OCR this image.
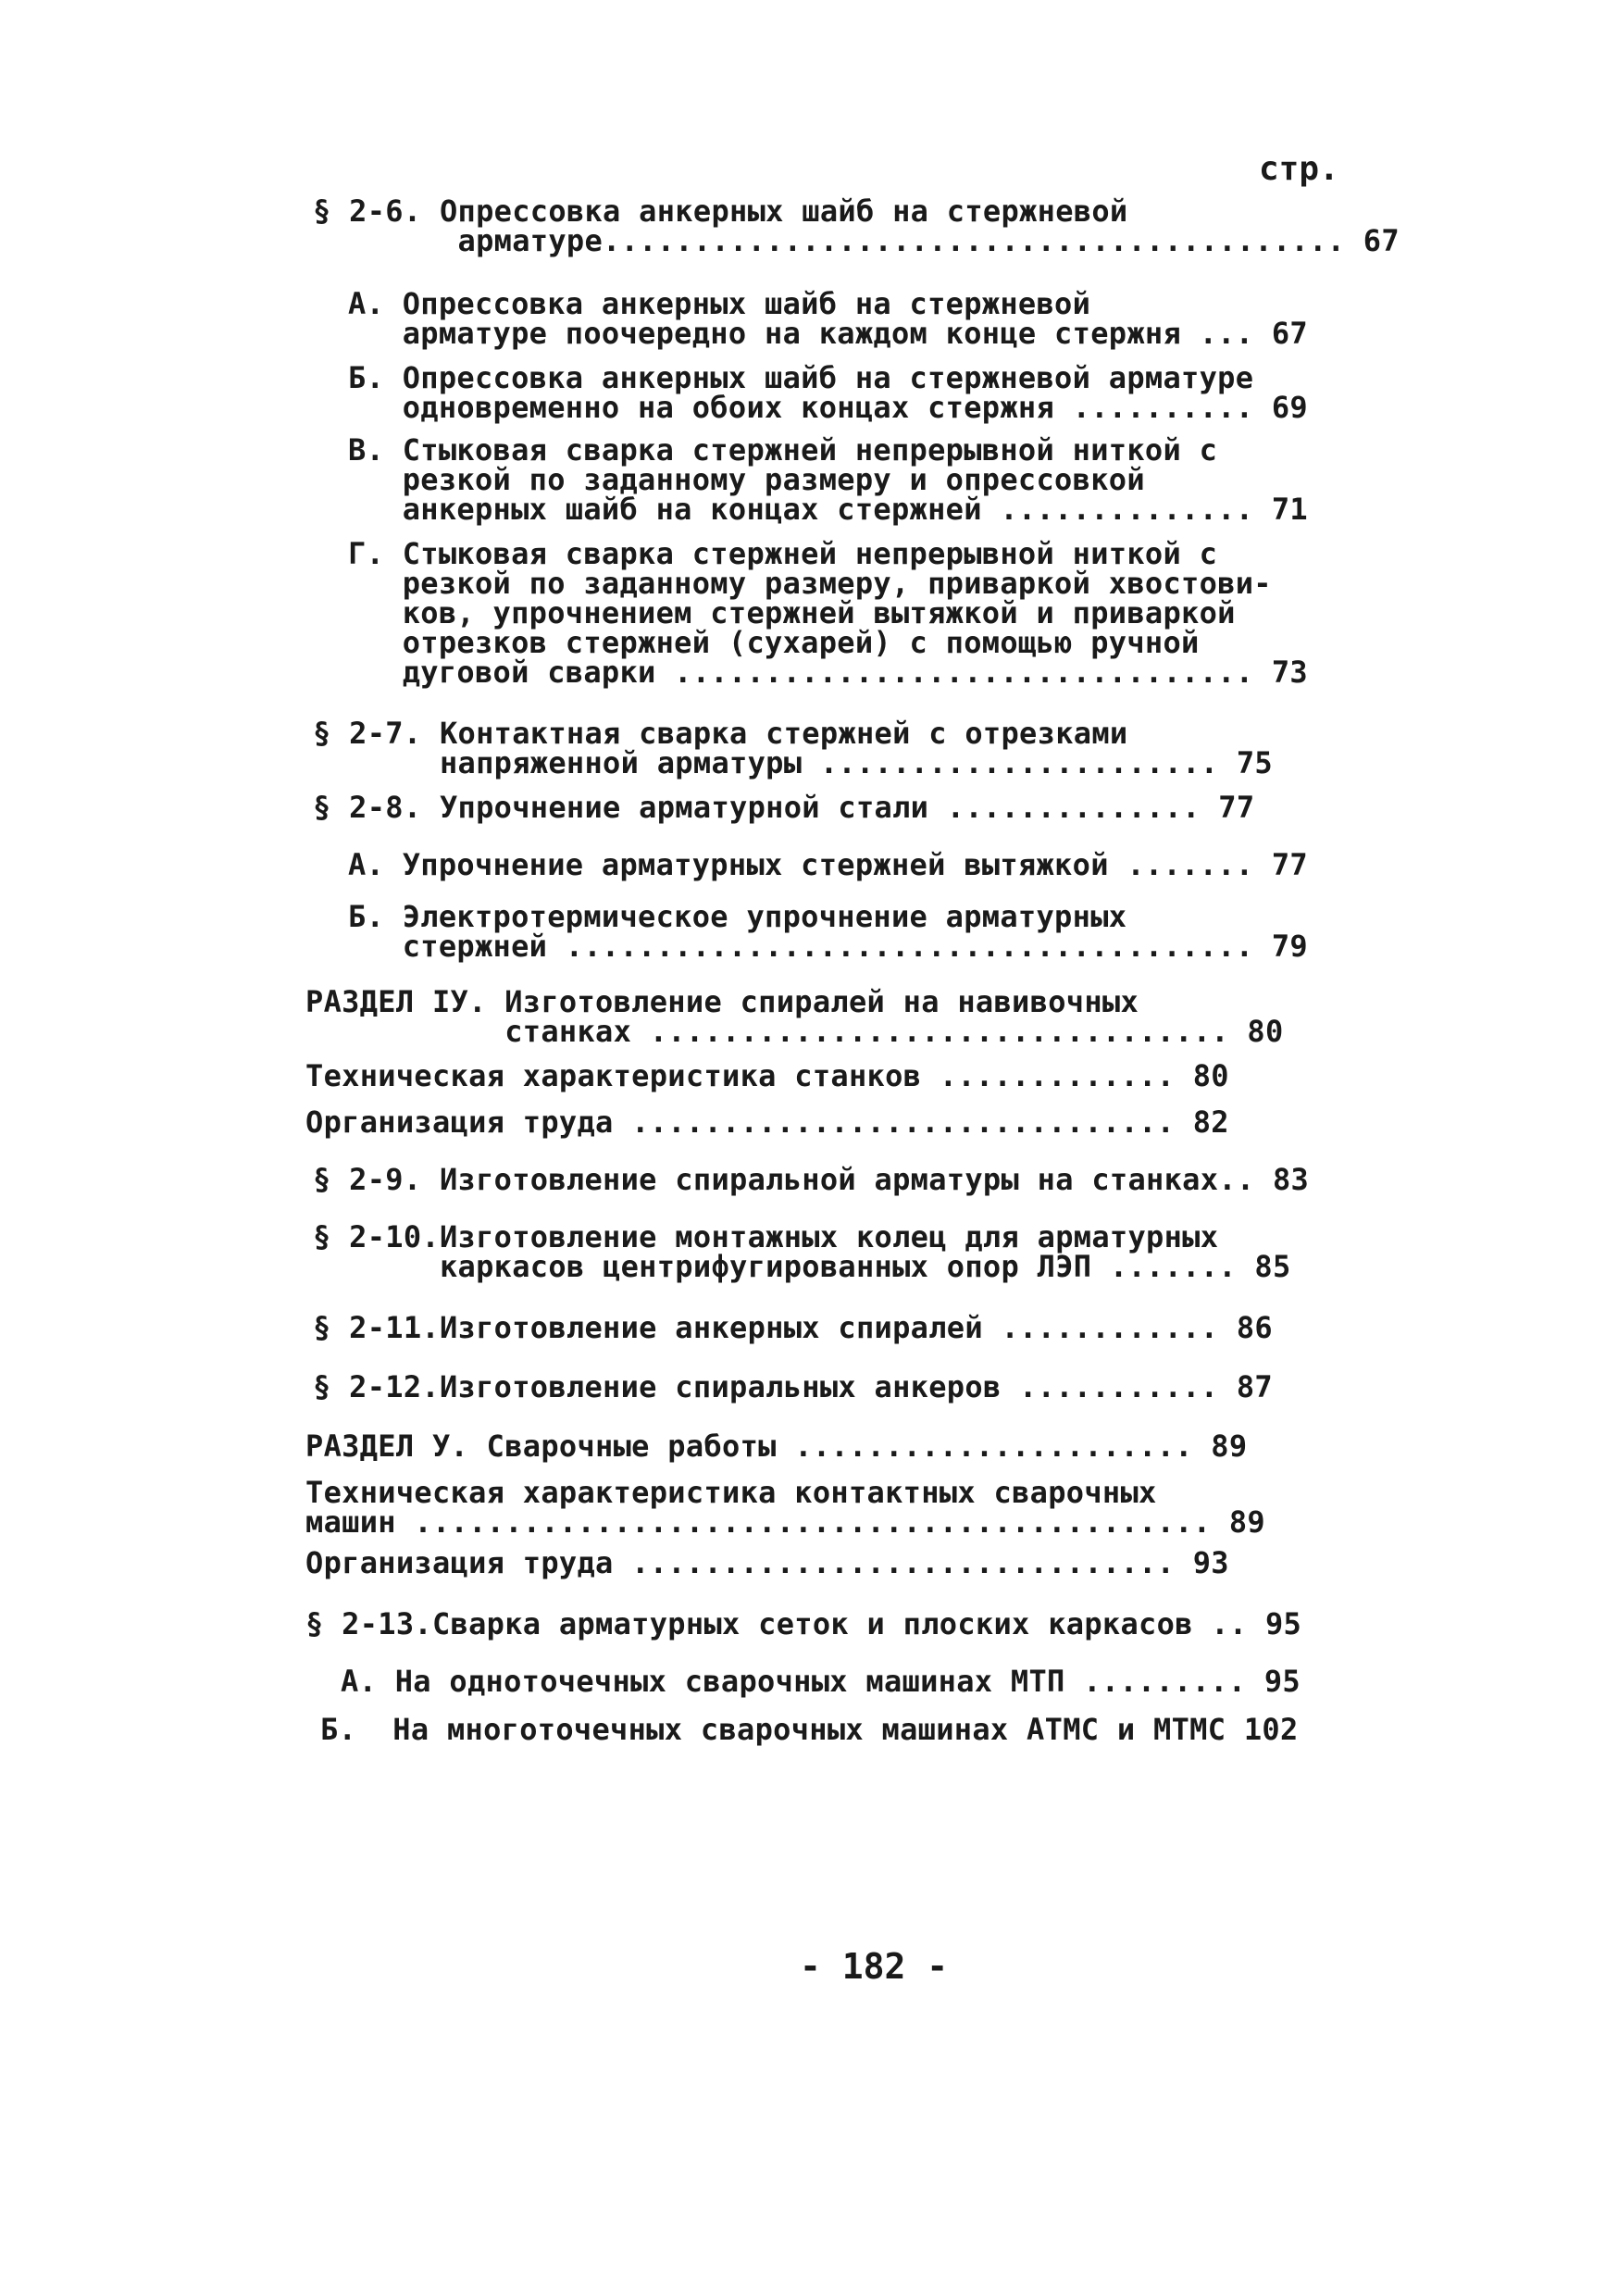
стр.
§ 2-6. Опрессовка анкерных шайб на стержневой
арматуре......................................... 67
А. Опрессовка анкерных шайб на стержневой
арматуре поочередно на каждом конце стержня ... 67
Б. Опрессовка анкерных шайб на стержневой арматуре
одновременно на обоих концах стержня .......... 69
В. Стыковая сварка стержней непрерывной ниткой с
резкой по заданному размеру и опрессовкой
анкерных шайб на концах стержней .............. 71
Г. Стыковая сварка стержней непрерывной ниткой с
резкой по заданному размеру, приваркой хвостови-
ков, упрочнением стержней вытяжкой и приваркой
отрезков стержней (сухарей) с помощью ручной
дуговой сварки ................................ 73
§ 2-7. Контактная сварка стержней с отрезками
напряженной арматуры ...................... 75
§ 2-8. Упрочнение арматурной стали .............. 77
А. Упрочнение арматурных стержней вытяжкой ....... 77
Б. Электротермическое упрочнение арматурных
стержней ...................................... 79
РАЗДЕЛ IУ. Изготовление спиралей на навивочных
станках ................................ 80
Техническая характеристика станков ............. 80
Организация труда .............................. 82
§ 2-9. Изготовление спиральной арматуры на станках.. 83
§ 2-10.Изготовление монтажных колец для арматурных
каркасов центрифугированных опор ЛЭП ....... 85
§ 2-11.Изготовление анкерных спиралей ............ 86
§ 2-12.Изготовление спиральных анкеров ........... 87
РАЗДЕЛ У. Сварочные работы ...................... 89
Техническая характеристика контактных сварочных
машин ............................................ 89
Организация труда .............................. 93
§ 2-13.Сварка арматурных сеток и плоских каркасов .. 95
А. На одноточечных сварочных машинах МТП ......... 95
Б.  На многоточечных сварочных машинах АТМС и МТМС 102
- 182 -
